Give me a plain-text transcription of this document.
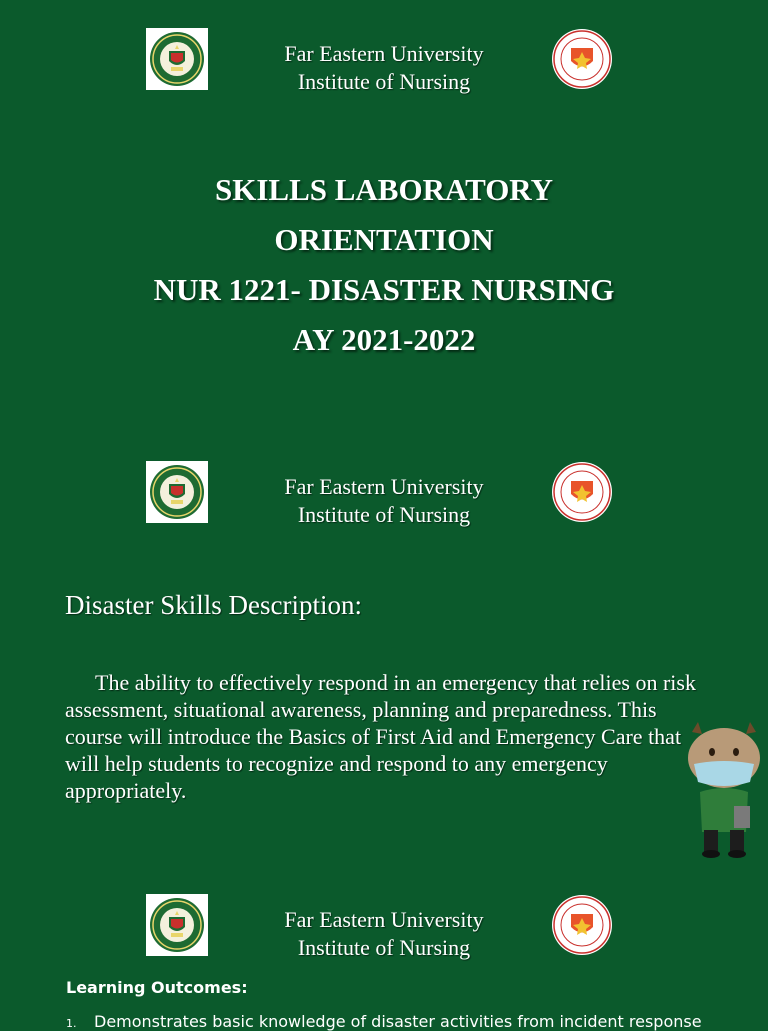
Far Eastern University
Institute of Nursing
SKILLS LABORATORY
ORIENTATION
NUR 1221- DISASTER NURSING
AY 2021-2022
Far Eastern University
Institute of Nursing
Disaster Skills Description:
The ability to effectively respond in an emergency that relies on risk assessment, situational awareness, planning and preparedness. This course will introduce the Basics of First Aid and Emergency Care that will help students to recognize and respond to any emergency appropriately.
Far Eastern University
Institute of Nursing
Learning Outcomes:
1. Demonstrates basic knowledge of disaster activities from incident response
